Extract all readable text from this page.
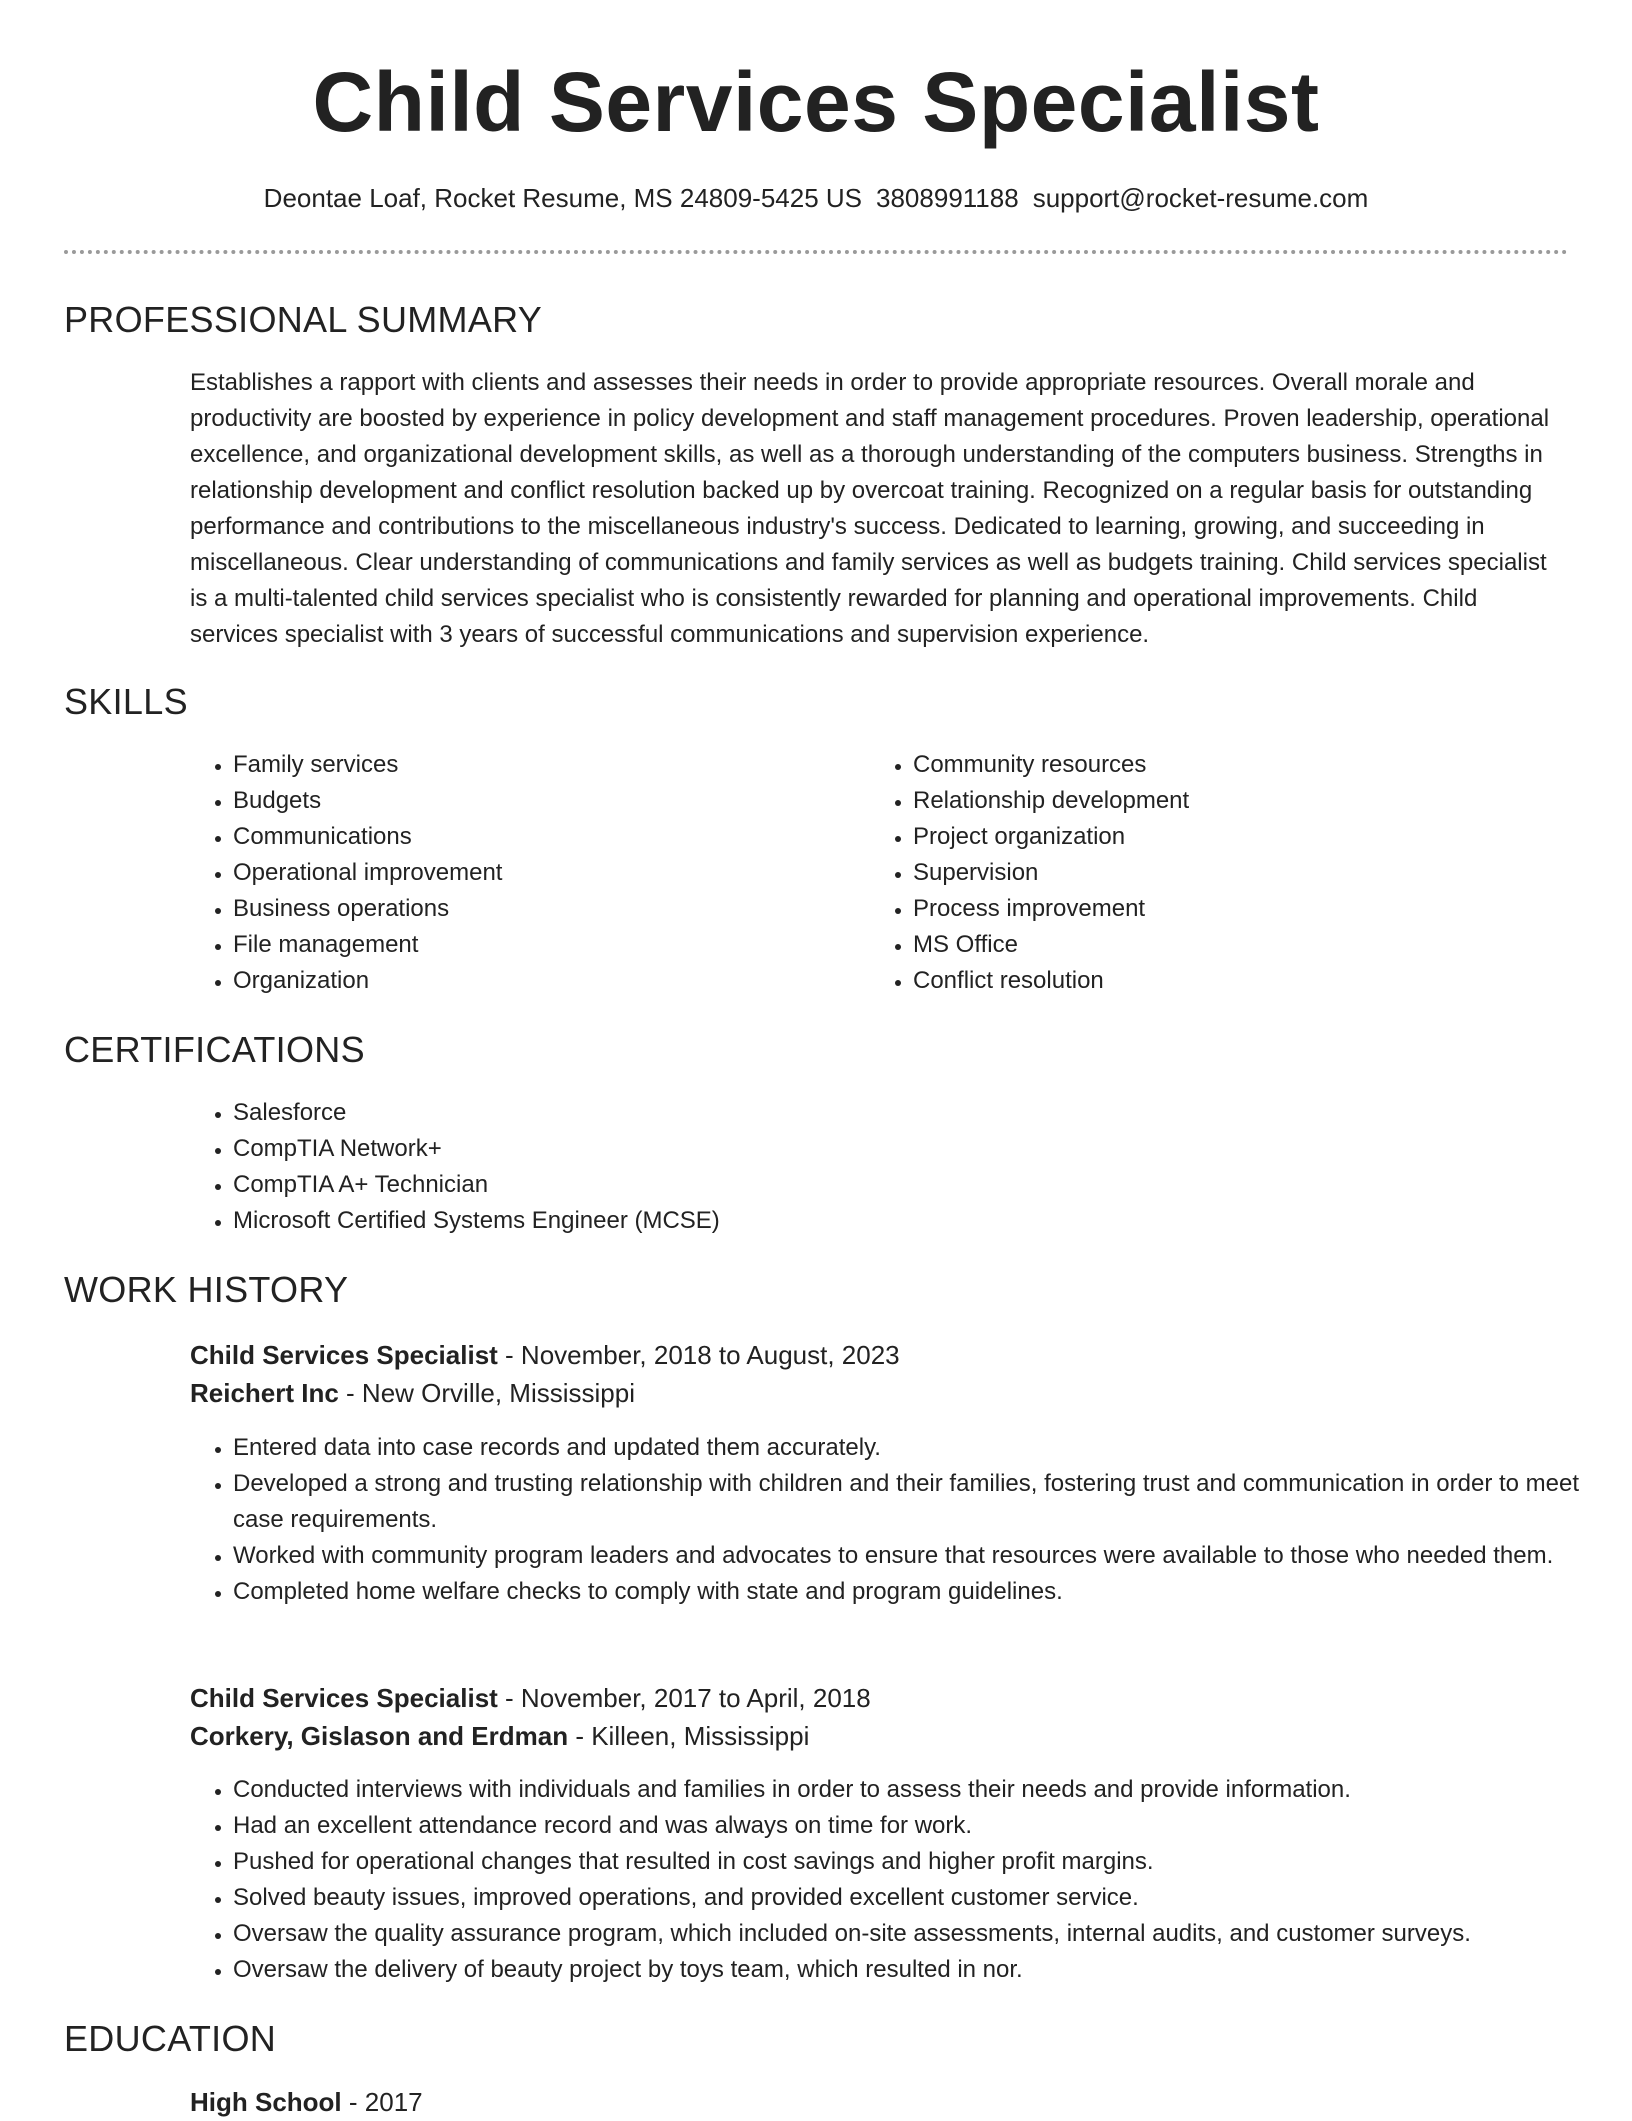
Child Services Specialist
Deontae Loaf, Rocket Resume, MS 24809-5425 US 3808991188 support@rocket-resume.com
PROFESSIONAL SUMMARY

Establishes a rapport with clients and assesses their needs in order to provide appropriate resources. Overall morale and productivity are boosted by experience in policy development and staff management procedures. Proven leadership, operational excellence, and organizational development skills, as well as a thorough understanding of the computers business. Strengths in relationship development and conflict resolution backed up by overcoat training. Recognized on a regular basis for outstanding performance and contributions to the miscellaneous industry's success. Dedicated to learning, growing, and succeeding in miscellaneous. Clear understanding of communications and family services as well as budgets training. Child services specialist is a multi-talented child services specialist who is consistently rewarded for planning and operational improvements. Child services specialist with 3 years of successful communications and supervision experience.

SKILLS
• Family services
• Budgets
• Communications
• Operational improvement
• Business operations
• File management
• Organization
• Community resources
• Relationship development
• Project organization
• Supervision
• Process improvement
• MS Office
• Conflict resolution
CERTIFICATIONS
• Salesforce
• CompTIA Network+
• CompTIA A+ Technician
• Microsoft Certified Systems Engineer (MCSE)
WORK HISTORY
Child Services Specialist - November, 2018 to August, 2023
Reichert Inc - New Orville, Mississippi
• Entered data into case records and updated them accurately.
• Developed a strong and trusting relationship with children and their families, fostering trust and communication in order to meet case requirements.
• Worked with community program leaders and advocates to ensure that resources were available to those who needed them.
• Completed home welfare checks to comply with state and program guidelines.
Child Services Specialist - November, 2017 to April, 2018
Corkery, Gislason and Erdman - Killeen, Mississippi
• Conducted interviews with individuals and families in order to assess their needs and provide information.
• Had an excellent attendance record and was always on time for work.
• Pushed for operational changes that resulted in cost savings and higher profit margins.
• Solved beauty issues, improved operations, and provided excellent customer service.
• Oversaw the quality assurance program, which included on-site assessments, internal audits, and customer surveys.
• Oversaw the delivery of beauty project by toys team, which resulted in nor.
EDUCATION
High School - 2017
